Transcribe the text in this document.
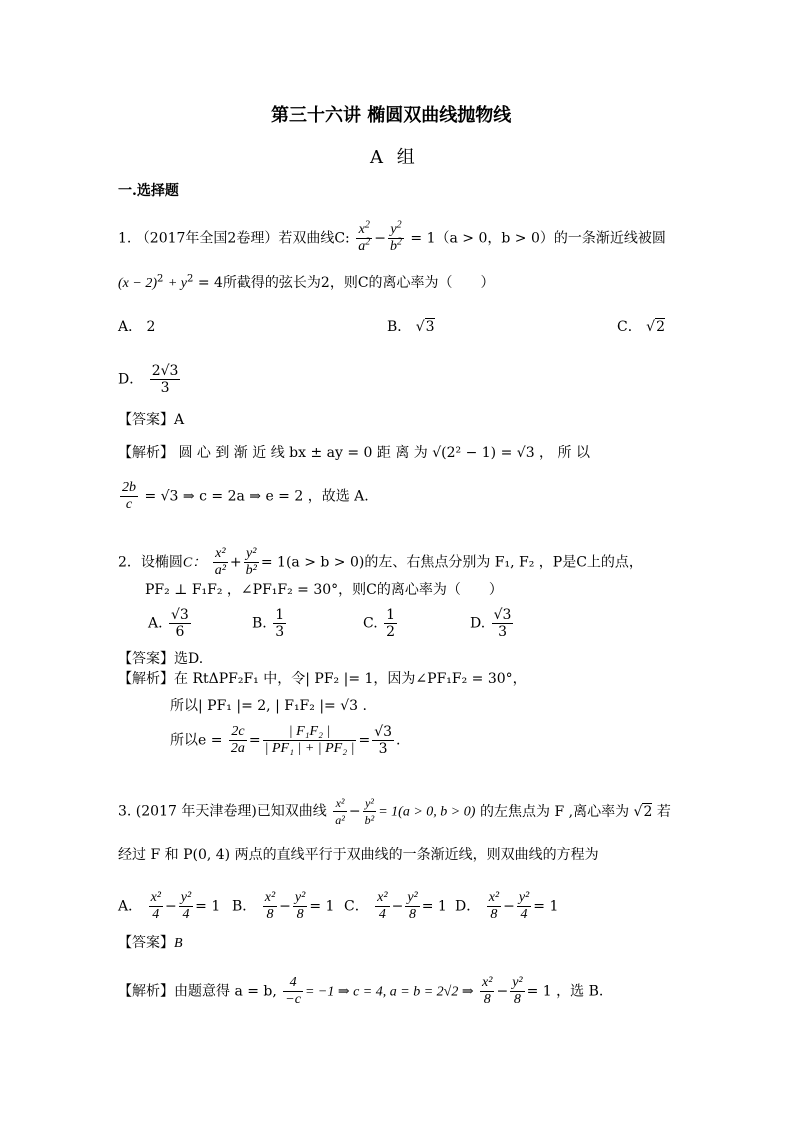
第三十六讲 椭圆双曲线抛物线
A 组
一.选择题
1. （2017年全国2卷理）若双曲线C: $\frac{x^2}{a^2} - \frac{y^2}{b^2} = 1(a > 0$，b > 0）的一条渐近线被圆
$(x - 2)^2 + y^2 = 4$所截得的弦长为2，则C的离心率为（　　）
A． 2	B． √3	C． √2
D． $\frac{2√3}{3}$
【答案】A
【解析】 圆 心 到 渐 近 线 bx ± ay = 0 距 离 为 √(2² − 1) = √3 ， 所 以
$\frac{2b}{c} = √3$ ⇒ c = 2a ⇒ e = 2 ，故选 A.
2．设椭圆C： $\frac{\text{x²}}{\text{a²}} + \frac{\text{y²}}{\text{b²}} = 1(a > b > 0)$的左、右焦点分别为 F₁, F₂ ，P是C上的点，
PF₂ ⊥ F₁F₂ ，∠PF₁F₂ = 30°，则C的离心率为（　　）
A. $\frac{√3}{6}$	B. $\frac{1}{3}$	C. $\frac{1}{2}$	D. $\frac{√3}{3}$
【答案】选D.
【解析】在 RtΔPF₂F₁ 中，令| PF₂ |= 1，因为∠PF₁F₂ = 30°，
所以| PF₁ |= 2, | F₁F₂ |= √3 .
所以$e = \frac{2c}{2a} = \frac{\text{| F₁F₂ |}}{\text{| PF₁ | + | PF₂ |}} = \frac{√3}{3}$ .
3. (2017 年天津卷理)已知双曲线 $\frac{\text{x²}}{\text{a²}} - \frac{\text{y²}}{\text{b²}} = 1(a > 0$, b > 0) 的左焦点为 F ,离心率为 √2 若
经过 F 和 P(0, 4) 两点的直线平行于双曲线的一条渐近线，则双曲线的方程为
A． $\frac{\text{x²}}{4} - \frac{\text{y²}}{4} = 1$ B． $\frac{\text{x²}}{8} - \frac{\text{y²}}{8} = 1$ C． $\frac{\text{x²}}{4} - \frac{\text{y²}}{8} = 1$ D． $\frac{\text{x²}}{8} - \frac{\text{y²}}{4} = 1$
【答案】B
【解析】由题意得 a = b, $\frac{4}{-c} = -1$ ⇒ c = 4, a = b = 2√2 ⇒ $\frac{\text{x²}}{8} - \frac{\text{y²}}{8} = 1$ ，选 B.
